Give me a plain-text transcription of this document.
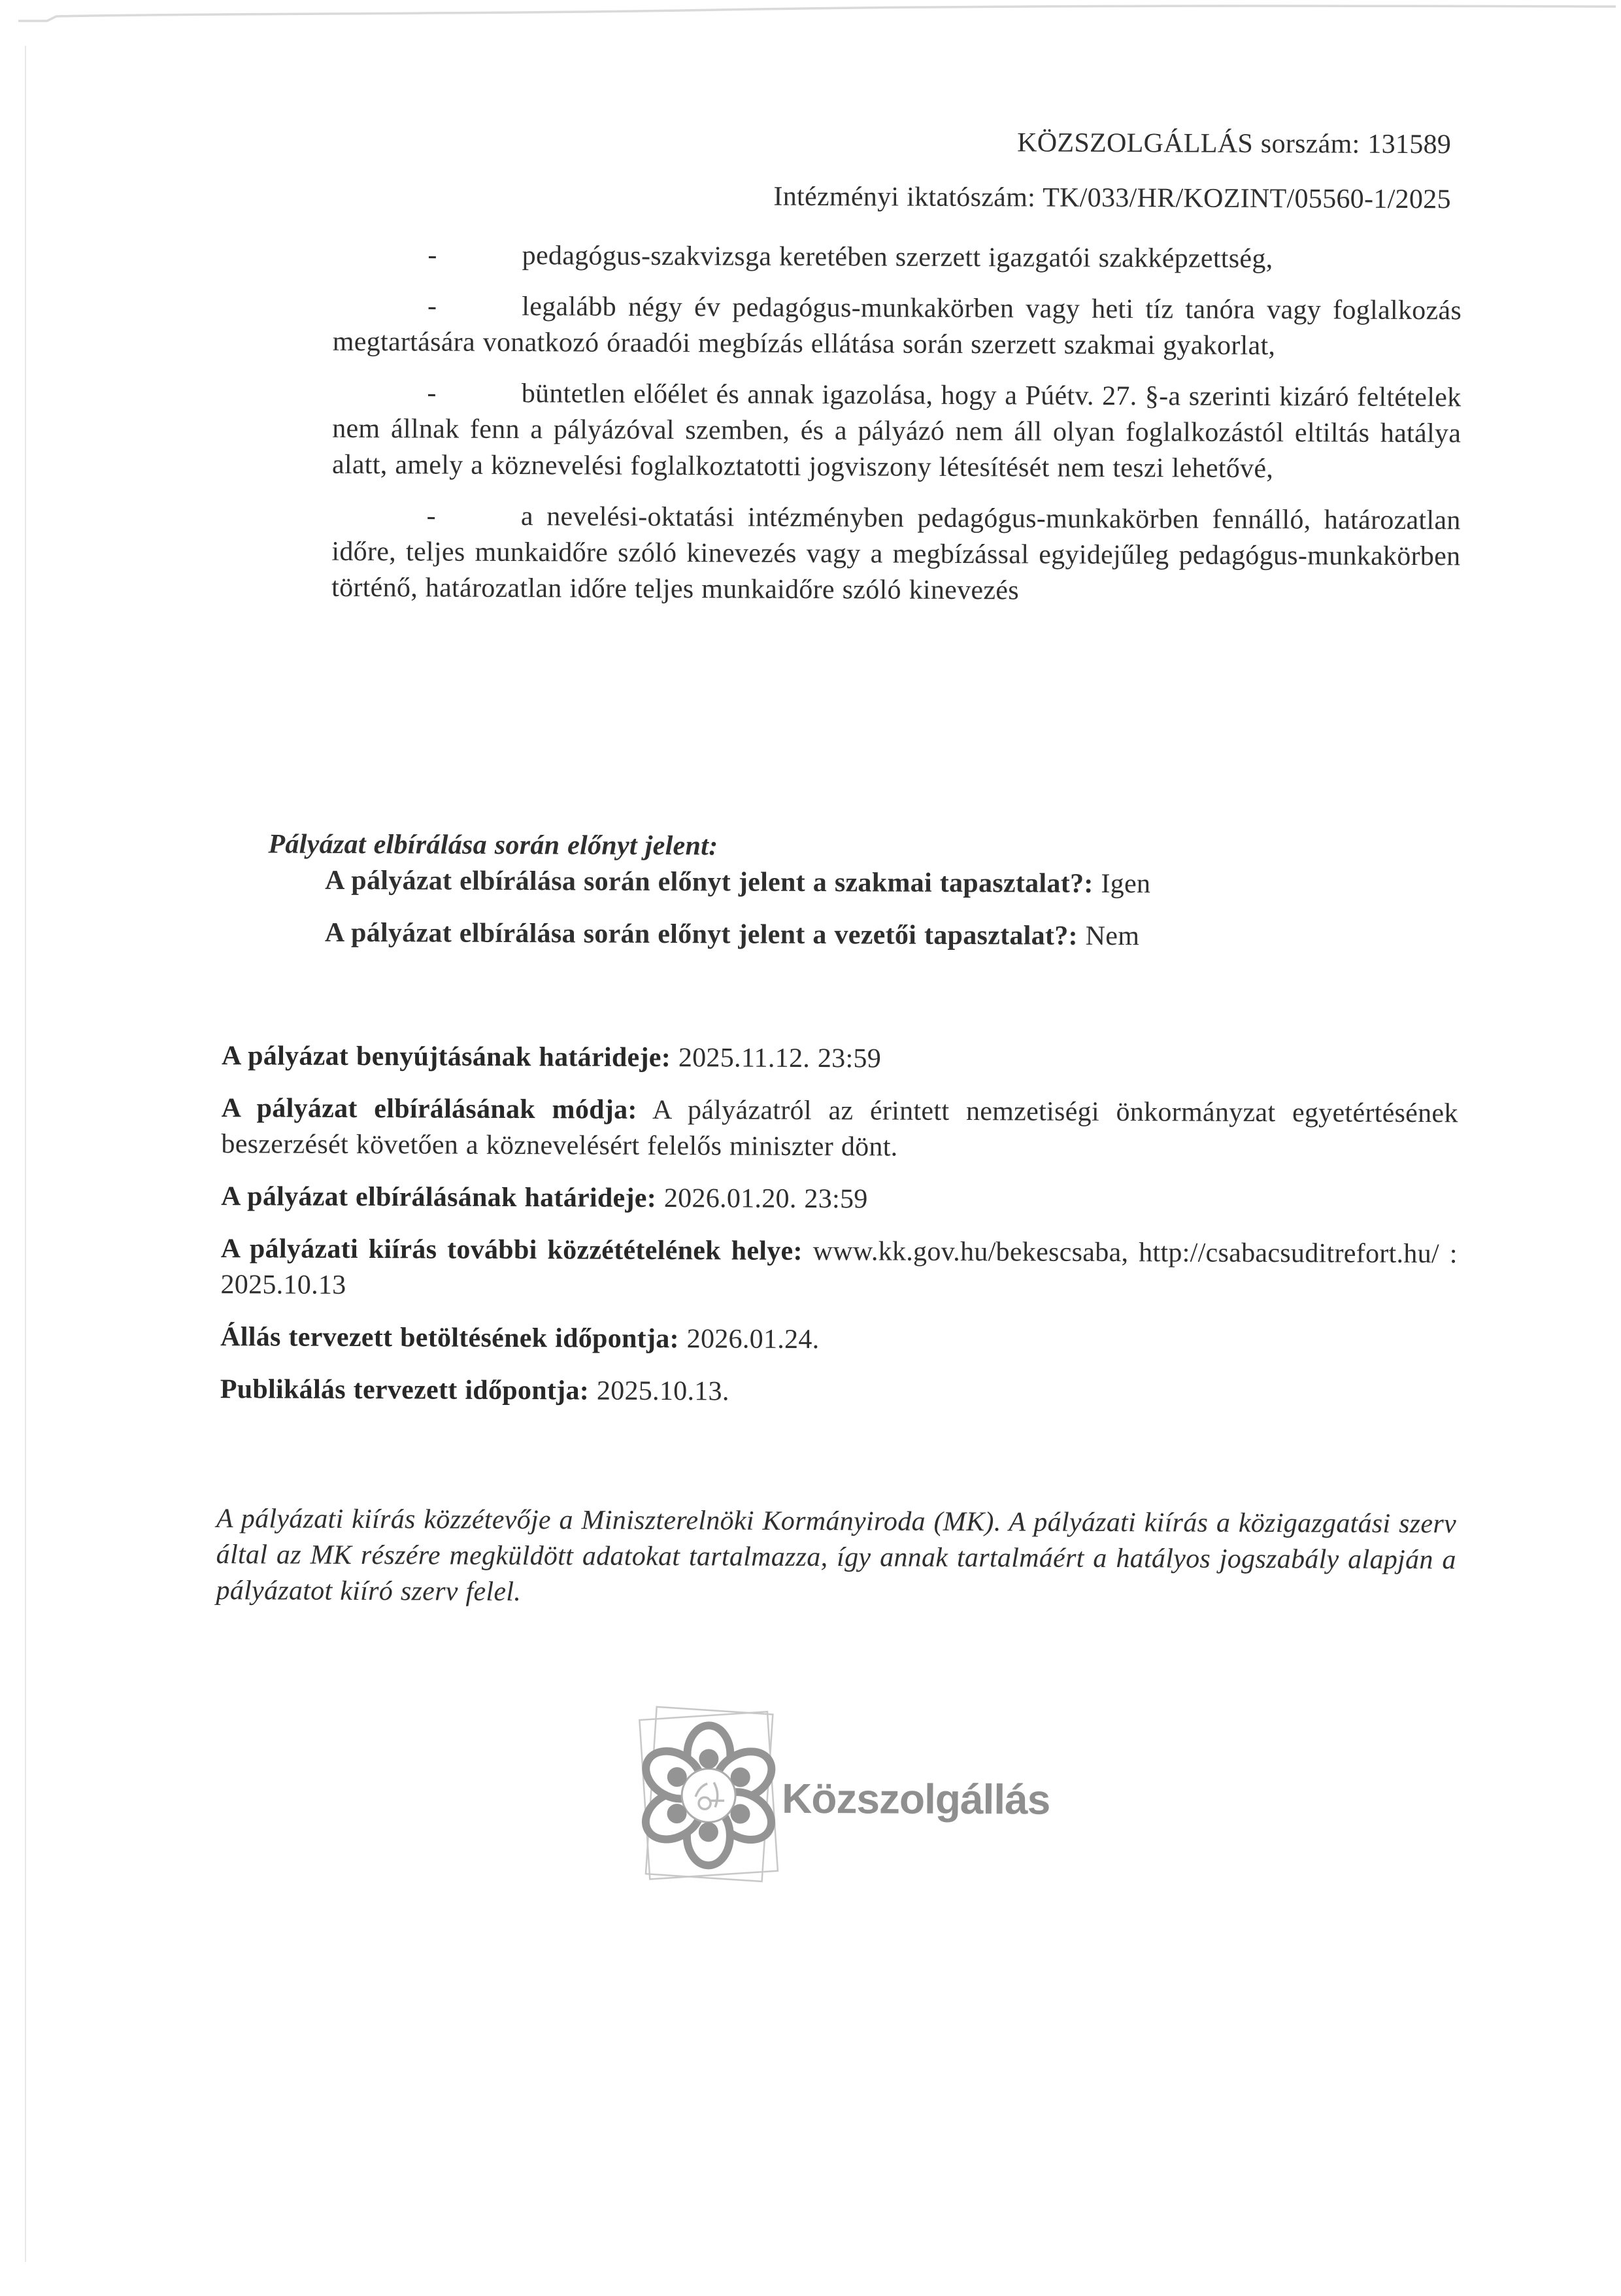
KÖZSZOLGÁLLÁS sorszám: 131589

Intézményi iktatószám: TK/033/HR/KOZINT/05560-1/2025

-	pedagógus-szakvizsga keretében szerzett igazgatói szakképzettség,

-	legalább négy év pedagógus-munkakörben vagy heti tíz tanóra vagy foglalkozás megtartására vonatkozó óraadói megbízás ellátása során szerzett szakmai gyakorlat,

-	büntetlen előélet és annak igazolása, hogy a Púétv. 27. §-a szerinti kizáró feltételek nem állnak fenn a pályázóval szemben, és a pályázó nem áll olyan foglalkozástól eltiltás hatálya alatt, amely a köznevelési foglalkoztatotti jogviszony létesítését nem teszi lehetővé,

-	a nevelési-oktatási intézményben pedagógus-munkakörben fennálló, határozatlan időre, teljes munkaidőre szóló kinevezés vagy a megbízással egyidejűleg pedagógus-munkakörben történő, határozatlan időre teljes munkaidőre szóló kinevezés

Pályázat elbírálása során előnyt jelent:

A pályázat elbírálása során előnyt jelent a szakmai tapasztalat?: Igen

A pályázat elbírálása során előnyt jelent a vezetői tapasztalat?: Nem

A pályázat benyújtásának határideje: 2025.11.12. 23:59

A pályázat elbírálásának módja: A pályázatról az érintett nemzetiségi önkormányzat egyetértésének beszerzését követően a köznevelésért felelős miniszter dönt.

A pályázat elbírálásának határideje: 2026.01.20. 23:59

A pályázati kiírás további közzétételének helye: www.kk.gov.hu/bekescsaba, http://csabacsuditrefort.hu/ : 2025.10.13

Állás tervezett betöltésének időpontja: 2026.01.24.

Publikálás tervezett időpontja: 2025.10.13.

A pályázati kiírás közzétevője a Miniszterelnöki Kormányiroda (MK). A pályázati kiírás a közigazgatási szerv által az MK részére megküldött adatokat tartalmazza, így annak tartalmáért a hatályos jogszabály alapján a pályázatot kiíró szerv felel.

Közszolgállás
